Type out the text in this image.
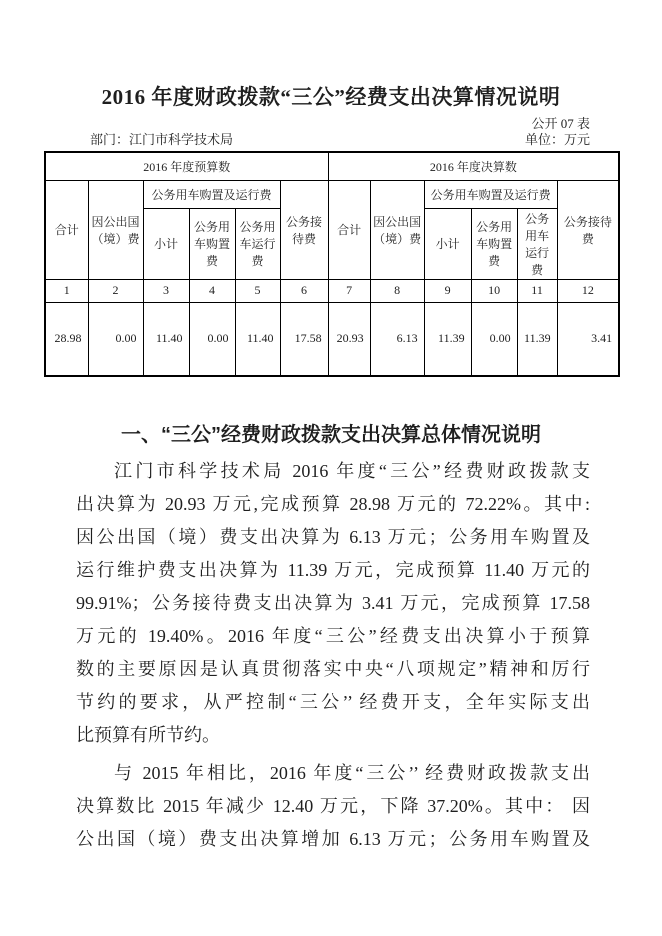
2016 年度财政拨款“三公”经费支出决算情况说明
公开 07 表
部门：江门市科学技术局	单位：万元
2016 年度预算数						2016 年度决算数					
合计	因公出国（境）费	公务用车购置及运行费			公务接待费	合计	因公出国（境）费	公务用车购置及运行费			公务接待费
		小计	公务用车购置费	公务用车运行费				小计	公务用车购置费	公务用车运行费	
1	2	3	4	5	6	7	8	9	10	11	12
28.98	0.00	11.40	0.00	11.40	17.58	20.93	6.13	11.39	0.00	11.39	3.41
一、“三公”经费财政拨款支出决算总体情况说明
江门市科学技术局 2016 年度“三公”经费财政拨款支
出决算为 20.93 万元,完成预算 28.98 万元的 72.22%。其中:
因公出国（境）费支出决算为 6.13 万元；公务用车购置及
运行维护费支出决算为 11.39 万元，完成预算 11.40 万元的
99.91%；公务接待费支出决算为 3.41 万元，完成预算 17.58
万元的 19.40%。2016 年度“三公”经费支出决算小于预算
数的主要原因是认真贯彻落实中央“八项规定”精神和厉行
节约的要求，从严控制“三公’’ 经费开支，全年实际支出
比预算有所节约。
与 2015 年相比，2016 年度“三公’’ 经费财政拨款支出
决算数比 2015 年减少 12.40 万元，下降 37.20%。其中： 因
公出国（境）费支出决算增加 6.13 万元；公务用车购置及
